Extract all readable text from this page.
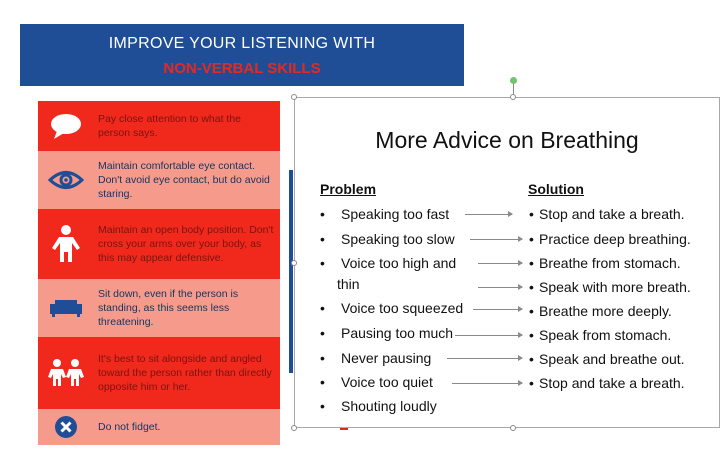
IMPROVE YOUR LISTENING WITH
NON-VERBAL SKILLS
Pay close attention to what the person says.
Maintain comfortable eye contact. Don't avoid eye contact, but do avoid staring.
Maintain an open body position. Don't cross your arms over your body, as this may appear defensive.
Sit down, even if the person is standing, as this seems less threatening.
It's best to sit alongside and angled toward the person rather than directly opposite him or her.
Do not fidget.
More Advice on Breathing
Problem	Solution
• Speaking too fast
• Speaking too slow
• Voice too high and
thin
• Voice too squeezed
• Pausing too much
• Never pausing
• Voice too quiet
• Shouting loudly
• Stop and take a breath.
• Practice deep breathing.
• Breathe from stomach.
• Speak with more breath.
• Breathe more deeply.
• Speak from stomach.
• Speak and breathe out.
• Stop and take a breath.
